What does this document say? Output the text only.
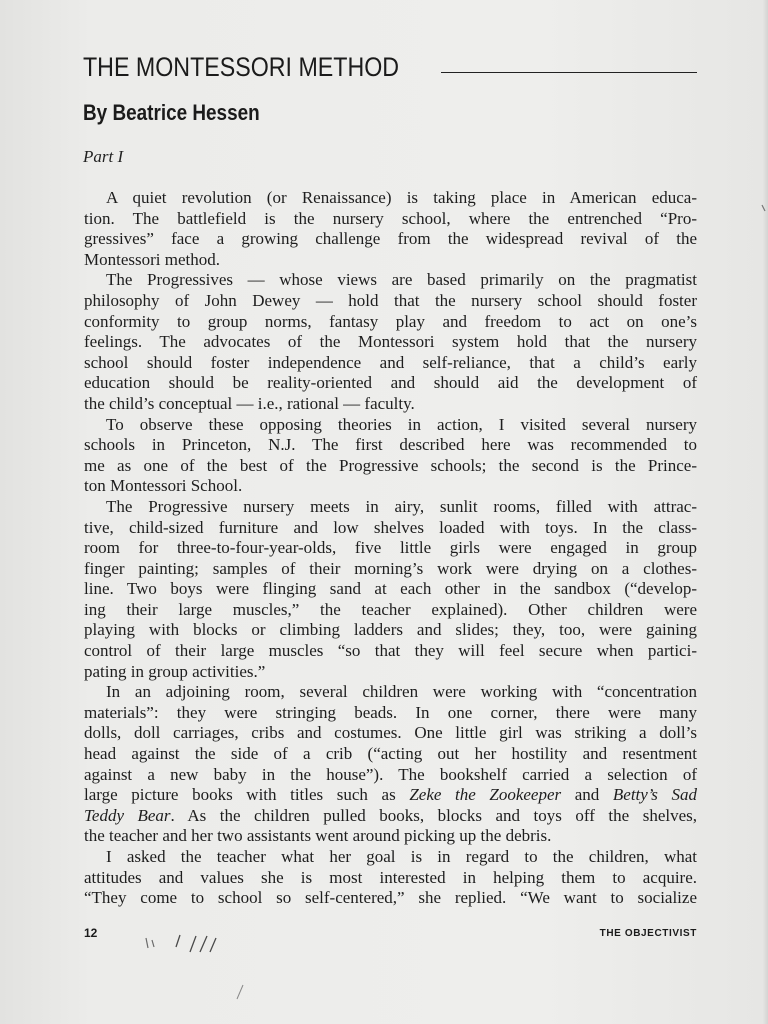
THE MONTESSORI METHOD
By Beatrice Hessen
Part I
A quiet revolution (or Renaissance) is taking place in American educa-
tion. The battlefield is the nursery school, where the entrenched “Pro-
gressives” face a growing challenge from the widespread revival of the
Montessori method.
The Progressives — whose views are based primarily on the pragmatist
philosophy of John Dewey — hold that the nursery school should foster
conformity to group norms, fantasy play and freedom to act on one’s
feelings. The advocates of the Montessori system hold that the nursery
school should foster independence and self-reliance, that a child’s early
education should be reality-oriented and should aid the development of
the child’s conceptual — i.e., rational — faculty.
To observe these opposing theories in action, I visited several nursery
schools in Princeton, N.J. The first described here was recommended to
me as one of the best of the Progressive schools; the second is the Prince-
ton Montessori School.
The Progressive nursery meets in airy, sunlit rooms, filled with attrac-
tive, child-sized furniture and low shelves loaded with toys. In the class-
room for three-to-four-year-olds, five little girls were engaged in group
finger painting; samples of their morning’s work were drying on a clothes-
line. Two boys were flinging sand at each other in the sandbox (“develop-
ing their large muscles,” the teacher explained). Other children were
playing with blocks or climbing ladders and slides; they, too, were gaining
control of their large muscles “so that they will feel secure when partici-
pating in group activities.”
In an adjoining room, several children were working with “concentration
materials”: they were stringing beads. In one corner, there were many
dolls, doll carriages, cribs and costumes. One little girl was striking a doll’s
head against the side of a crib (“acting out her hostility and resentment
against a new baby in the house”). The bookshelf carried a selection of
large picture books with titles such as Zeke the Zookeeper and Betty’s Sad
Teddy Bear. As the children pulled books, blocks and toys off the shelves,
the teacher and her two assistants went around picking up the debris.
I asked the teacher what her goal is in regard to the children, what
attitudes and values she is most interested in helping them to acquire.
“They come to school so self-centered,” she replied. “We want to socialize
12	THE OBJECTIVIST
